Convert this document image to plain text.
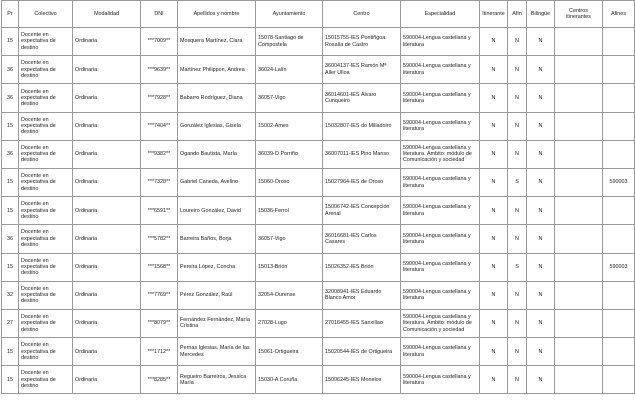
Pr	Colectivo	Modalidad	DNI	Apellidos y nombre	Ayuntamiento	Centro	Especialidad	Itinerante	Afín	Bilingüe	Centros itinerantes	Afines
15	Docente en expectativa de destino	Ordinaria	***7009**	Mosquera Martínez, Clara	15078-Santiago de Compostela	15015755-IES Pontiñgoa Rosalía de Castro	590004-Lengua castellana y literatura	N	N	N		
36	Docente en expectativa de destino	Ordinaria	***9639**	Martínez Philippon, Andrea	36024-Lalín	36004137-IES Ramón Mª Aller Ulloa	590004-Lengua castellana y literatura	N	N	N		
36	Docente en expectativa de destino	Ordinaria	***7928**	Babarro Rodríguez, Diana	36057-Vigo	36014601-IES Álvaro Cunqueiro	590004-Lengua castellana y literatura	N	N	N		
15	Docente en expectativa de destino	Ordinaria	***7404**	González Iglesias, Gisela	15002-Ames	15032807-IES do Milladoiro	590004-Lengua castellana y literatura	N	N	N		
36	Docente en expectativa de destino	Ordinaria	***9382**	Ogando Bautista, María	36039-O Porriño	36007011-IES Pino Manso	590004-Lengua castellana y literatura. Ámbito: módulo de Comunicación y sociedad	N	N	N		
15	Docente en expectativa de destino	Ordinaria	***7328**	Gabriel Caneda, Avelino	15060-Oroso	15027964-IES de Oroso	590004-Lengua castellana y literatura	N	S	N		590003
15	Docente en expectativa de destino	Ordinaria	***6591**	Loureiro González, David	15036-Ferrol	15006742-IES Concepción Arenal	590004-Lengua castellana y literatura	N	N	N		
36	Docente en expectativa de destino	Ordinaria	***5782**	Barreira Baños, Borja	36057-Vigo	36016681-IES Carlos Casares	590004-Lengua castellana y literatura	N	N	N		
15	Docente en expectativa de destino	Ordinaria	***1568**	Pereira López, Concha	15013-Brión	15026352-IES Brión	590004-Lengua castellana y literatura	N	S	N		590003
32	Docente en expectativa de destino	Ordinaria	***7769**	Pérez González, Raúl	32054-Ourense	32008941-IES Eduardo Blanco Amor	590004-Lengua castellana y literatura	N	N	N		
27	Docente en expectativa de destino	Ordinaria	***8079**	Fernández Fernández, María Cristina	27028-Lugo	27016455-IES Sanxillao	590004-Lengua castellana y literatura. Ámbito: módulo de Comunicación y sociedad	N	N	N		
15	Docente en expectativa de destino	Ordinaria	***1712**	Pernas Iglesias, María de las Mercedes	15061-Ortigueira	15020544-IES de Ortigueira	590004-Lengua castellana y literatura	N	N	N		
15	Docente en expectativa de destino	Ordinaria	***8285**	Regueiro Barreiros, Jessica María	15030-A Coruña	15006245-IES Monelos	590004-Lengua castellana y literatura	N	N	N		
